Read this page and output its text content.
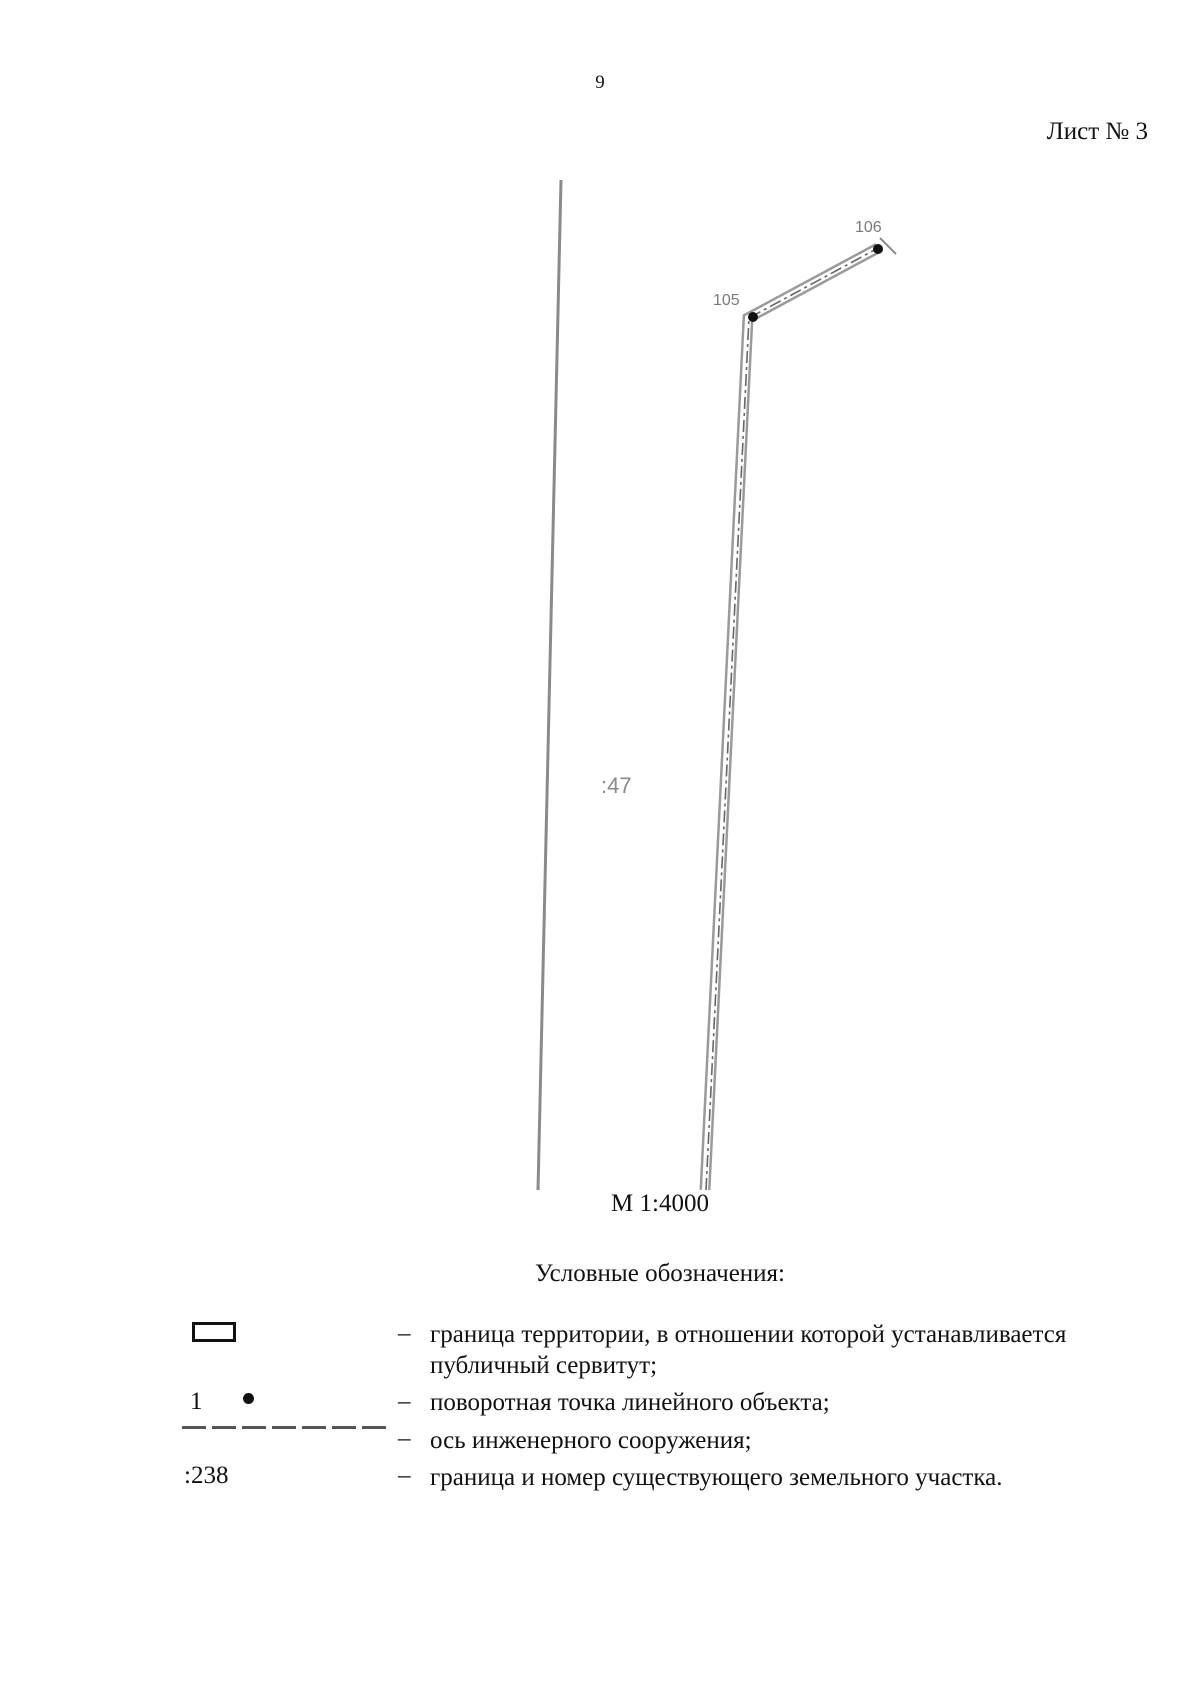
9
Лист № 3
105
106
:47
М 1:4000
Условные обозначения:
– граница территории, в отношении которой устанавливается публичный сервитут;
1	– поворотная точка линейного объекта;
– ось инженерного сооружения;
:238	– граница и номер существующего земельного участка.
